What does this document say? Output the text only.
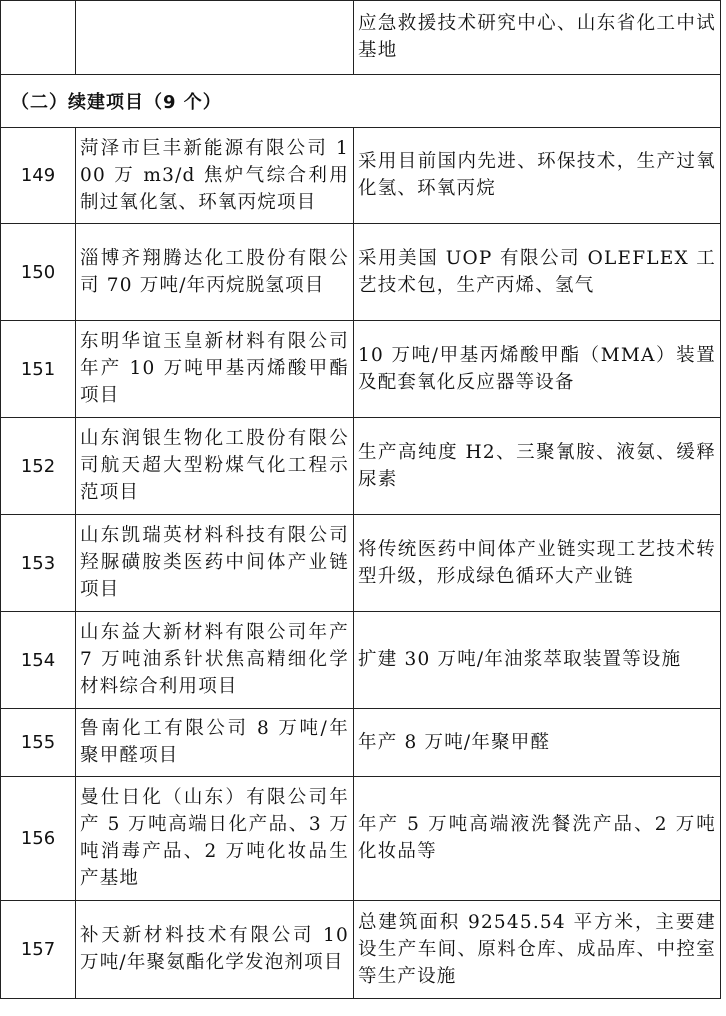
		应急救援技术研究中心、山东省化工中试基地
（二）续建项目（9 个）		
149	菏泽市巨丰新能源有限公司 100 万 m3/d 焦炉气综合利用制过氧化氢、环氧丙烷项目	采用目前国内先进、环保技术，生产过氧化氢、环氧丙烷
150	淄博齐翔腾达化工股份有限公司 70 万吨/年丙烷脱氢项目	采用美国 UOP 有限公司 OLEFLEX 工艺技术包，生产丙烯、氢气
151	东明华谊玉皇新材料有限公司年产 10 万吨甲基丙烯酸甲酯项目	10 万吨/甲基丙烯酸甲酯（MMA）装置及配套氧化反应器等设备
152	山东润银生物化工股份有限公司航天超大型粉煤气化工程示范项目	生产高纯度 H2、三聚氰胺、液氨、缓释尿素
153	山东凯瑞英材料科技有限公司羟脲磺胺类医药中间体产业链项目	将传统医药中间体产业链实现工艺技术转型升级，形成绿色循环大产业链
154	山东益大新材料有限公司年产 7 万吨油系针状焦高精细化学材料综合利用项目	扩建 30 万吨/年油浆萃取装置等设施
155	鲁南化工有限公司 8 万吨/年聚甲醛项目	年产 8 万吨/年聚甲醛
156	曼仕日化（山东）有限公司年产 5 万吨高端日化产品、3 万吨消毒产品、2 万吨化妆品生产基地	年产 5 万吨高端液洗餐洗产品、2 万吨化妆品等
157	补天新材料技术有限公司 10 万吨/年聚氨酯化学发泡剂项目	总建筑面积 92545.54 平方米，主要建设生产车间、原料仓库、成品库、中控室等生产设施
